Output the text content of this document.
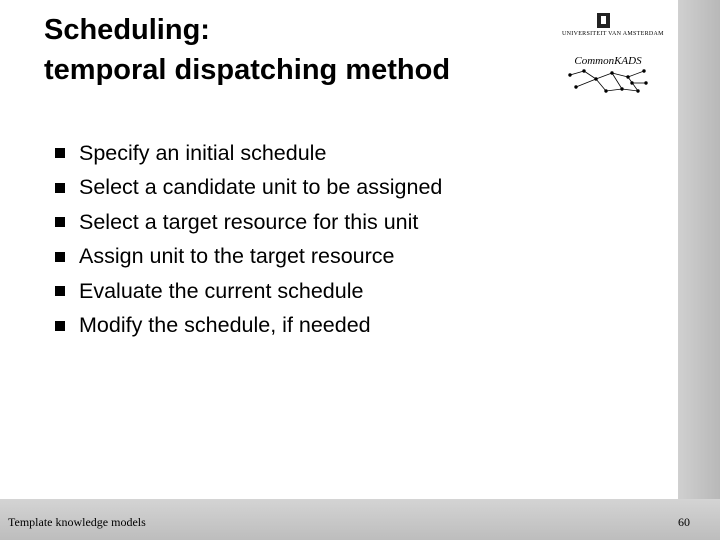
Scheduling:
temporal dispatching method
UNIVERSITEIT VAN AMSTERDAM
CommonKADS
Specify an initial schedule
Select a candidate unit to be assigned
Select a target resource for this unit
Assign unit to the target resource
Evaluate the current schedule
Modify the schedule, if needed
Template knowledge models	60
